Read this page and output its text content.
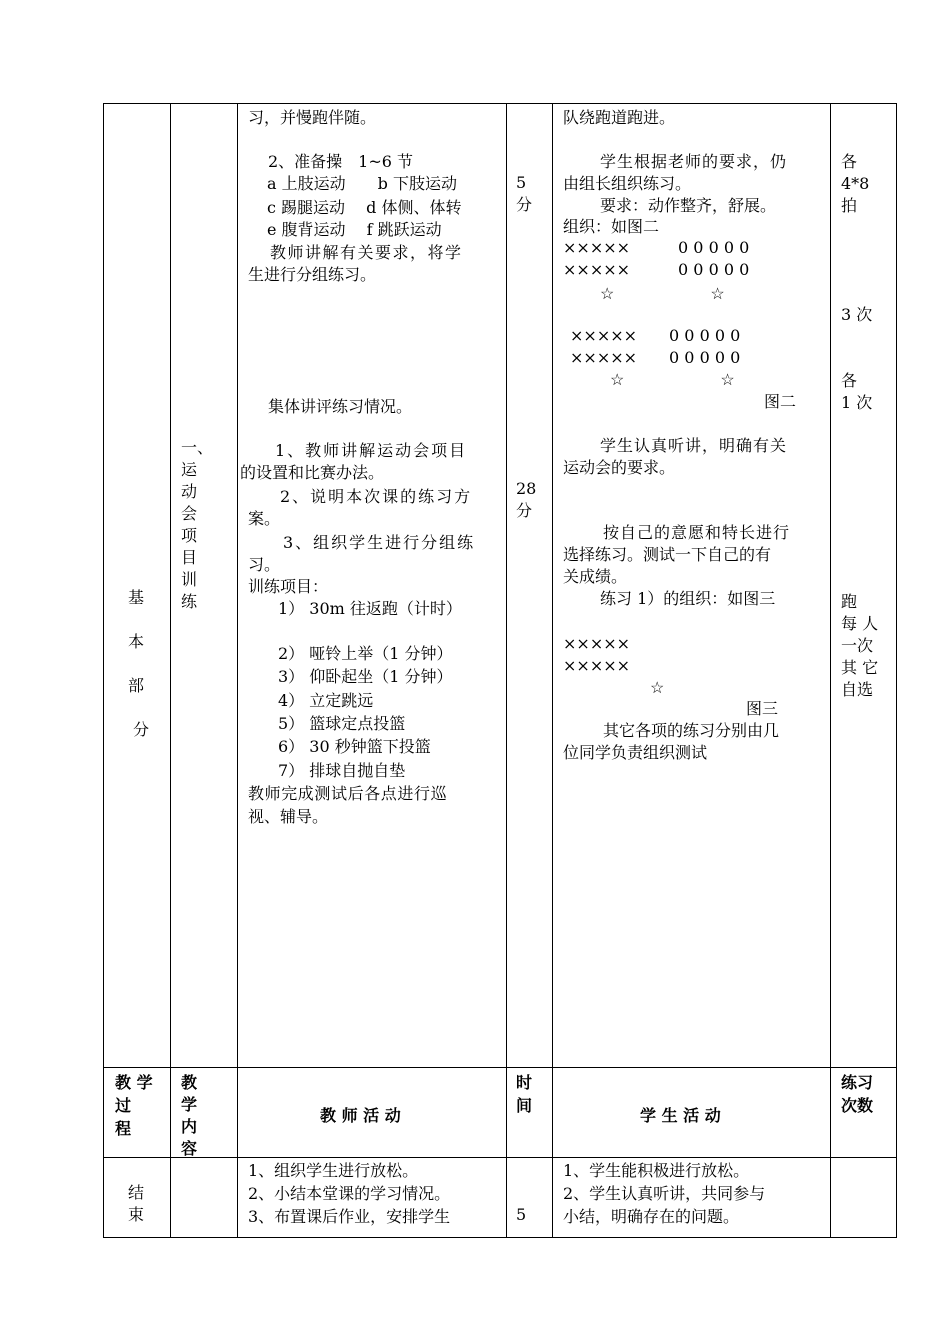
基
本
部
分
一、
运
动
会
项
目
训
练
习，并慢跑伴随。
2、准备操　1~6 节
a 上肢运动　　b 下肢运动
c 踢腿运动　 d 体侧、体转
e 腹背运动　 f 跳跃运动
教师讲解有关要求，将学
生进行分组练习。
集体讲评练习情况。
1、教师讲解运动会项目
的设置和比赛办法。
2、说明本次课的练习方
案。
3、组织学生进行分组练
习。
训练项目：
1） 30m 往返跑（计时）
2） 哑铃上举（1 分钟）
3） 仰卧起坐（1 分钟）
4） 立定跳远
5） 篮球定点投篮
6） 30 秒钟篮下投篮
7） 排球自抛自垫
教师完成测试后各点进行巡
视、辅导。
5
分
28
分
队绕跑道跑进。
学生根据老师的要求，仍
由组长组织练习。
要求：动作整齐，舒展。
组织：如图二
×××××　　　0 0 0 0 0
×××××　　　0 0 0 0 0
☆　　　　　　☆
×××××　　0 0 0 0 0
×××××　　0 0 0 0 0
☆　　　　　　☆
图二
学生认真听讲，明确有关
运动会的要求。
按自己的意愿和特长进行
选择练习。测试一下自己的有
关成绩。
练习 1）的组织：如图三
×××××
×××××
☆
图三
其它各项的练习分别由几
位同学负责组织测试
各
4*8
拍
3 次
各
1 次
跑
每 人
一次
其 它
自选
教 学
过
程
教
学
内
容
教 师 活 动
时
间
学 生 活 动
练习
次数
结
束
1、组织学生进行放松。
2、小结本堂课的学习情况。
3、布置课后作业，安排学生	5
1、学生能积极进行放松。
2、学生认真听讲，共同参与
小结，明确存在的问题。
